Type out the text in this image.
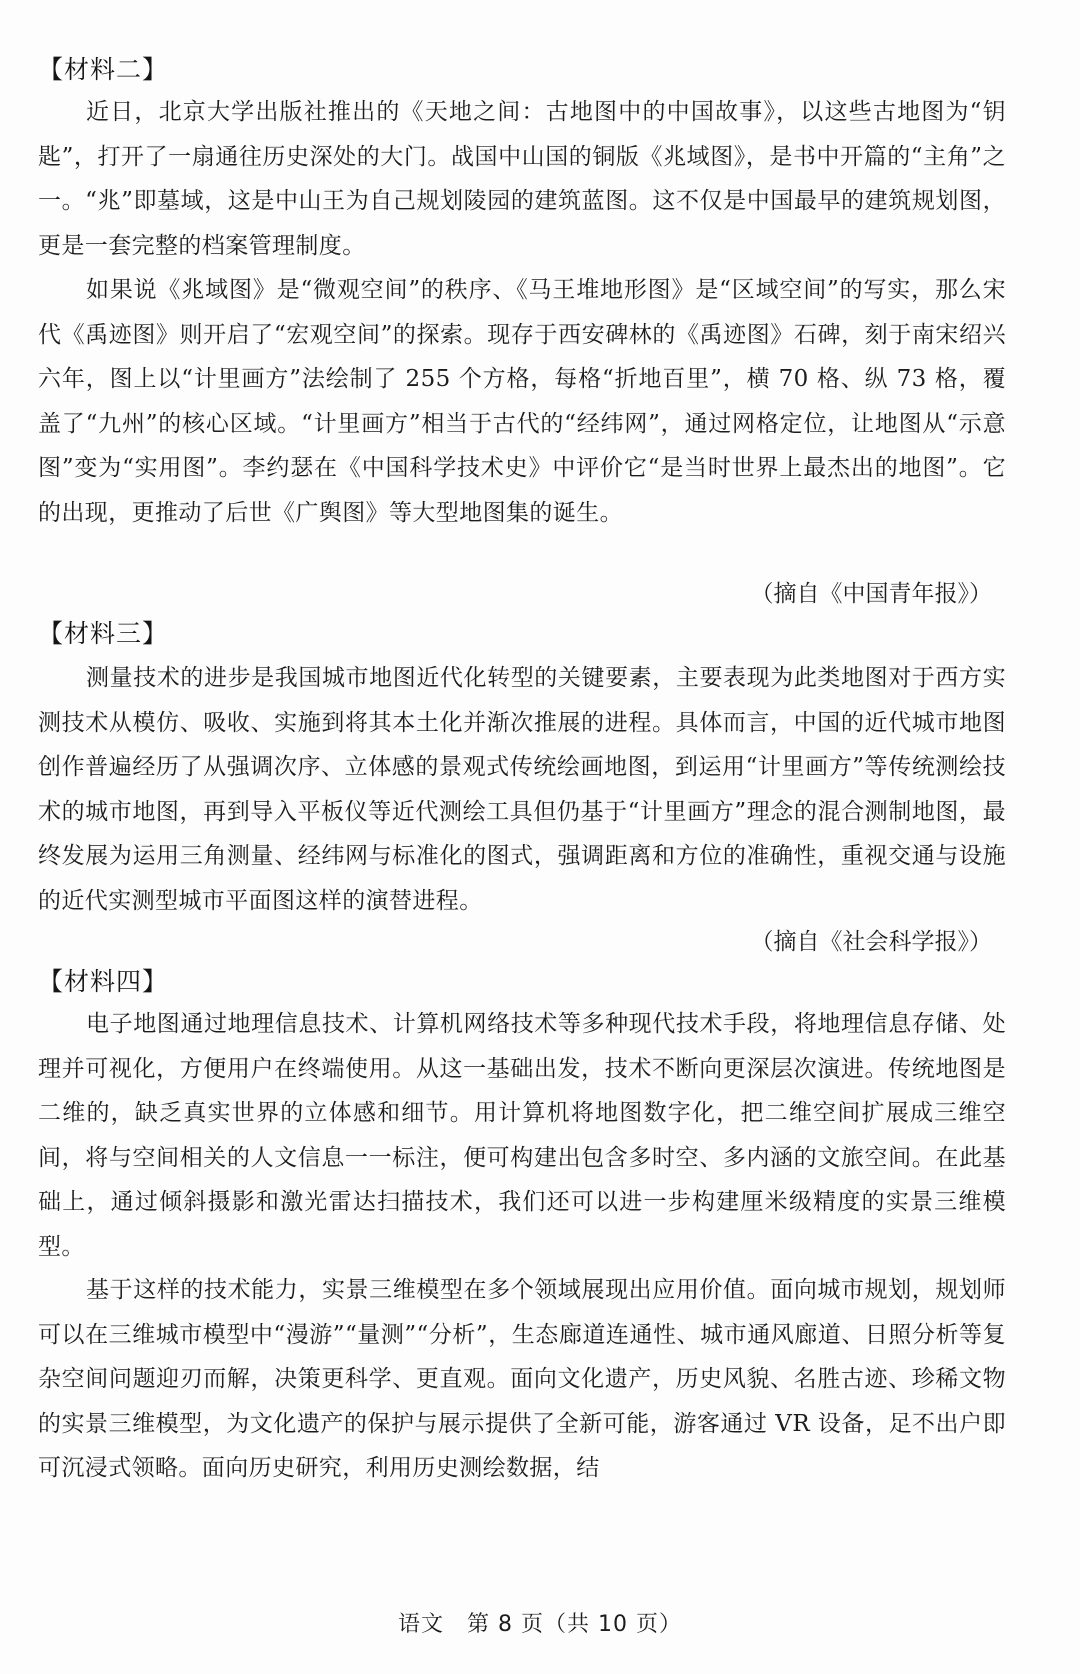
【材料二】
近日，北京大学出版社推出的《天地之间：古地图中的中国故事》，以这些古地图为“钥匙”，打开了一扇通往历史深处的大门。战国中山国的铜版《兆域图》，是书中开篇的“主角”之一。“兆”即墓域，这是中山王为自己规划陵园的建筑蓝图。这不仅是中国最早的建筑规划图，更是一套完整的档案管理制度。
如果说《兆域图》是“微观空间”的秩序、《马王堆地形图》是“区域空间”的写实，那么宋代《禹迹图》则开启了“宏观空间”的探索。现存于西安碑林的《禹迹图》石碑，刻于南宋绍兴六年，图上以“计里画方”法绘制了 255 个方格，每格“折地百里”，横 70 格、纵 73 格，覆盖了“九州”的核心区域。“计里画方”相当于古代的“经纬网”，通过网格定位，让地图从“示意图”变为“实用图”。李约瑟在《中国科学技术史》中评价它“是当时世界上最杰出的地图”。它的出现，更推动了后世《广舆图》等大型地图集的诞生。
（摘自《中国青年报》）
【材料三】
测量技术的进步是我国城市地图近代化转型的关键要素，主要表现为此类地图对于西方实测技术从模仿、吸收、实施到将其本土化并渐次推展的进程。具体而言，中国的近代城市地图创作普遍经历了从强调次序、立体感的景观式传统绘画地图，到运用“计里画方”等传统测绘技术的城市地图，再到导入平板仪等近代测绘工具但仍基于“计里画方”理念的混合测制地图，最终发展为运用三角测量、经纬网与标准化的图式，强调距离和方位的准确性，重视交通与设施的近代实测型城市平面图这样的演替进程。
（摘自《社会科学报》）
【材料四】
电子地图通过地理信息技术、计算机网络技术等多种现代技术手段，将地理信息存储、处理并可视化，方便用户在终端使用。从这一基础出发，技术不断向更深层次演进。传统地图是二维的，缺乏真实世界的立体感和细节。用计算机将地图数字化，把二维空间扩展成三维空间，将与空间相关的人文信息一一标注，便可构建出包含多时空、多内涵的文旅空间。在此基础上，通过倾斜摄影和激光雷达扫描技术，我们还可以进一步构建厘米级精度的实景三维模型。
基于这样的技术能力，实景三维模型在多个领域展现出应用价值。面向城市规划，规划师可以在三维城市模型中“漫游”“量测”“分析”，生态廊道连通性、城市通风廊道、日照分析等复杂空间问题迎刃而解，决策更科学、更直观。面向文化遗产，历史风貌、名胜古迹、珍稀文物的实景三维模型，为文化遗产的保护与展示提供了全新可能，游客通过 VR 设备，足不出户即可沉浸式领略。面向历史研究，利用历史测绘数据，结
语文　第 8 页（共 10 页）
